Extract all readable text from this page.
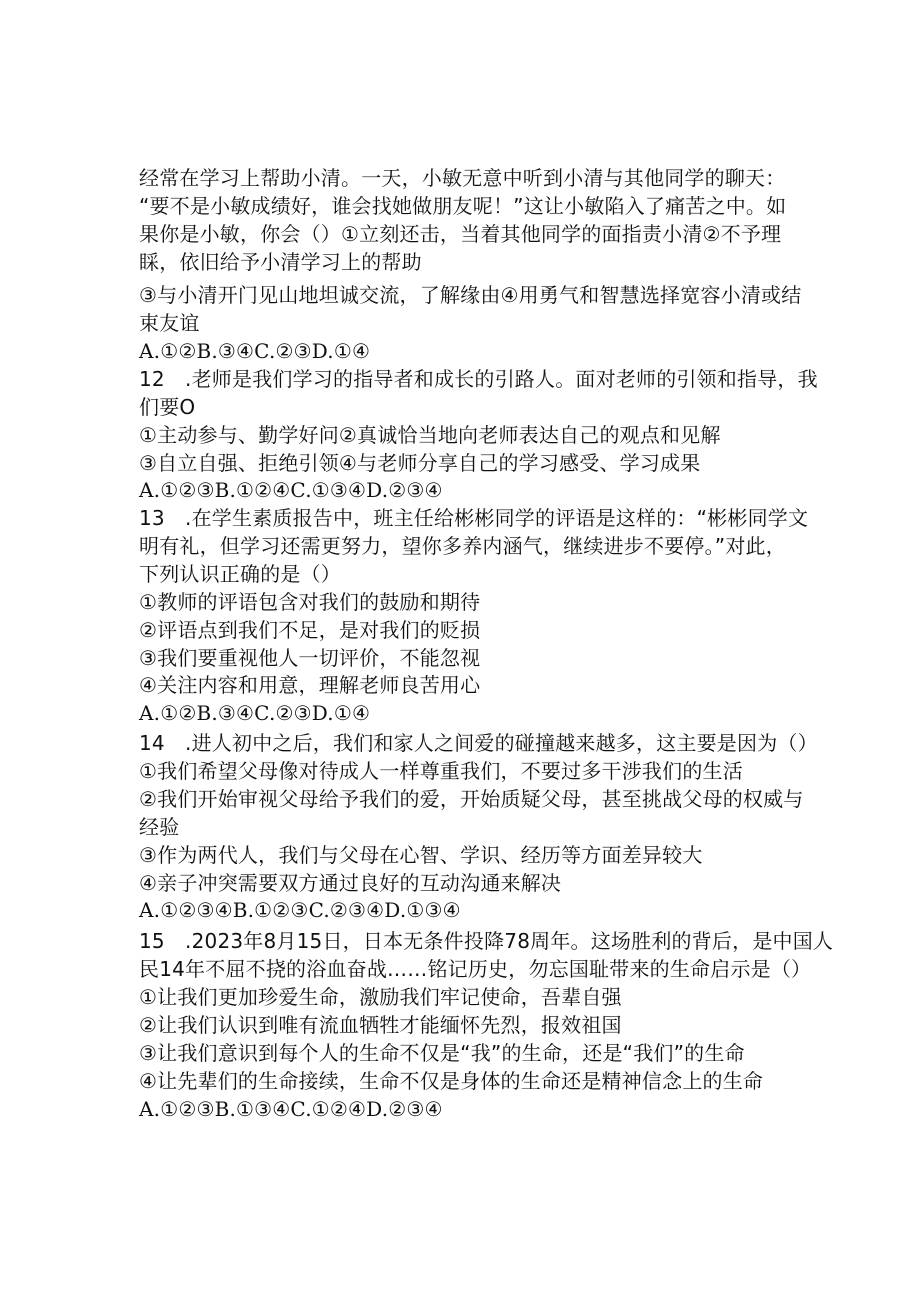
经常在学习上帮助小清。一天，小敏无意中听到小清与其他同学的聊天：
“要不是小敏成绩好，谁会找她做朋友呢！”这让小敏陷入了痛苦之中。如
果你是小敏，你会（）①立刻还击，当着其他同学的面指责小清②不予理
睬，依旧给予小清学习上的帮助
③与小清开门见山地坦诚交流，了解缘由④用勇气和智慧选择宽容小清或结
束友谊
A.①②B.③④C.②③D.①④
12　.老师是我们学习的指导者和成长的引路人。面对老师的引领和指导，我
们要O
①主动参与、勤学好问②真诚恰当地向老师表达自己的观点和见解
③自立自强、拒绝引领④与老师分享自己的学习感受、学习成果
A.①②③B.①②④C.①③④D.②③④
13　.在学生素质报告中，班主任给彬彬同学的评语是这样的：“彬彬同学文
明有礼，但学习还需更努力，望你多养内涵气，继续进步不要停。”对此，
下列认识正确的是（）
①教师的评语包含对我们的鼓励和期待
②评语点到我们不足，是对我们的贬损
③我们要重视他人一切评价，不能忽视
④关注内容和用意，理解老师良苦用心
A.①②B.③④C.②③D.①④
14　.进人初中之后，我们和家人之间爱的碰撞越来越多，这主要是因为（）
①我们希望父母像对待成人一样尊重我们，不要过多干涉我们的生活
②我们开始审视父母给予我们的爱，开始质疑父母，甚至挑战父母的权威与
经验
③作为两代人，我们与父母在心智、学识、经历等方面差异较大
④亲子冲突需要双方通过良好的互动沟通来解决
A.①②③④B.①②③C.②③④D.①③④
15　.2023年8月15日，日本无条件投降78周年。这场胜利的背后，是中国人
民14年不屈不挠的浴血奋战……铭记历史，勿忘国耻带来的生命启示是（）
①让我们更加珍爱生命，激励我们牢记使命，吾辈自强
②让我们认识到唯有流血牺牲才能缅怀先烈，报效祖国
③让我们意识到每个人的生命不仅是“我”的生命，还是“我们”的生命
④让先辈们的生命接续，生命不仅是身体的生命还是精神信念上的生命
A.①②③B.①③④C.①②④D.②③④
